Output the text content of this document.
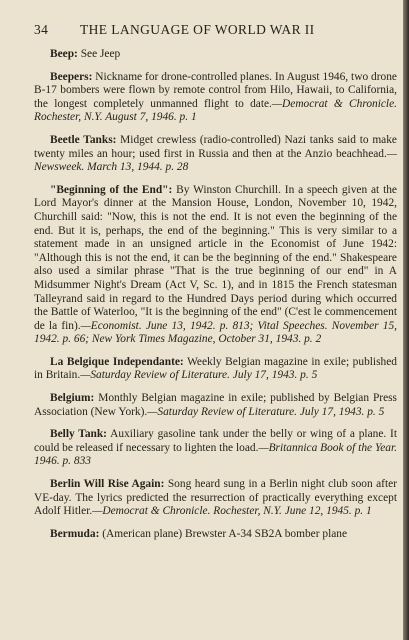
34 THE LANGUAGE OF WORLD WAR II

Beep: See Jeep

Beepers: Nickname for drone-controlled planes. In August 1946, two drone B-17 bombers were flown by remote control from Hilo, Hawaii, to California, the longest completely unmanned flight to date.—Democrat & Chronicle. Rochester, N.Y. August 7, 1946. p. 1

Beetle Tanks: Midget crewless (radio-controlled) Nazi tanks said to make twenty miles an hour; used first in Russia and then at the Anzio beachhead.—Newsweek. March 13, 1944. p. 28

"Beginning of the End": By Winston Churchill. In a speech given at the Lord Mayor's dinner at the Mansion House, London, November 10, 1942, Churchill said: "Now, this is not the end. It is not even the beginning of the end. But it is, perhaps, the end of the beginning." This is very similar to a statement made in an unsigned article in the Economist of June 1942: "Although this is not the end, it can be the beginning of the end." Shakespeare also used a similar phrase "That is the true beginning of our end" in A Midsummer Night's Dream (Act V, Sc. 1), and in 1815 the French statesman Talleyrand said in regard to the Hundred Days period during which occurred the Battle of Waterloo, "It is the beginning of the end" (C'est le commencement de la fin).—Economist. June 13, 1942. p. 813; Vital Speeches. November 15, 1942. p. 66; New York Times Magazine, October 31, 1943. p. 2

La Belgique Independante: Weekly Belgian magazine in exile; published in Britain.—Saturday Review of Literature. July 17, 1943. p. 5

Belgium: Monthly Belgian magazine in exile; published by Belgian Press Association (New York).—Saturday Review of Literature. July 17, 1943. p. 5

Belly Tank: Auxiliary gasoline tank under the belly or wing of a plane. It could be released if necessary to lighten the load.—Britannica Book of the Year. 1946. p. 833

Berlin Will Rise Again: Song heard sung in a Berlin night club soon after VE-day. The lyrics predicted the resurrection of practically everything except Adolf Hitler.—Democrat & Chronicle. Rochester, N.Y. June 12, 1945. p. 1

Bermuda: (American plane) Brewster A-34 SB2A bomber plane
